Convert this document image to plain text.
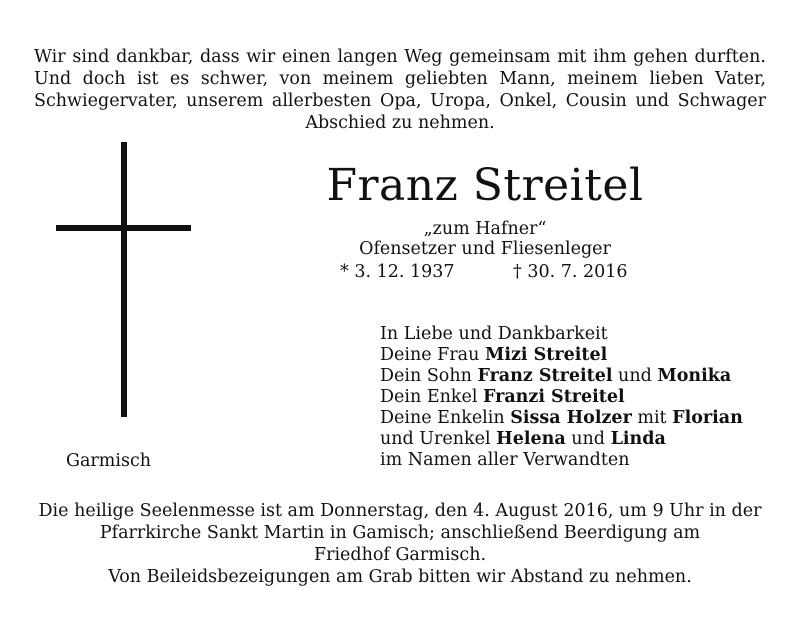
Wir sind dankbar, dass wir einen langen Weg gemeinsam mit ihm gehen durften. Und doch ist es schwer, von meinem geliebten Mann, meinem lieben Vater, Schwiegervater, unserem allerbesten Opa, Uropa, Onkel, Cousin und Schwager Abschied zu nehmen.
Franz Streitel
„zum Hafner“
Ofensetzer und Fliesenleger
* 3. 12. 1937	† 30. 7. 2016
Garmisch
In Liebe und Dankbarkeit
Deine Frau Mizi Streitel
Dein Sohn Franz Streitel und Monika
Dein Enkel Franzi Streitel
Deine Enkelin Sissa Holzer mit Florian
und Urenkel Helena und Linda
im Namen aller Verwandten
Die heilige Seelenmesse ist am Donnerstag, den 4. August 2016, um 9 Uhr in der
Pfarrkirche Sankt Martin in Gamisch; anschließend Beerdigung am
Friedhof Garmisch.
Von Beileidsbezeigungen am Grab bitten wir Abstand zu nehmen.
